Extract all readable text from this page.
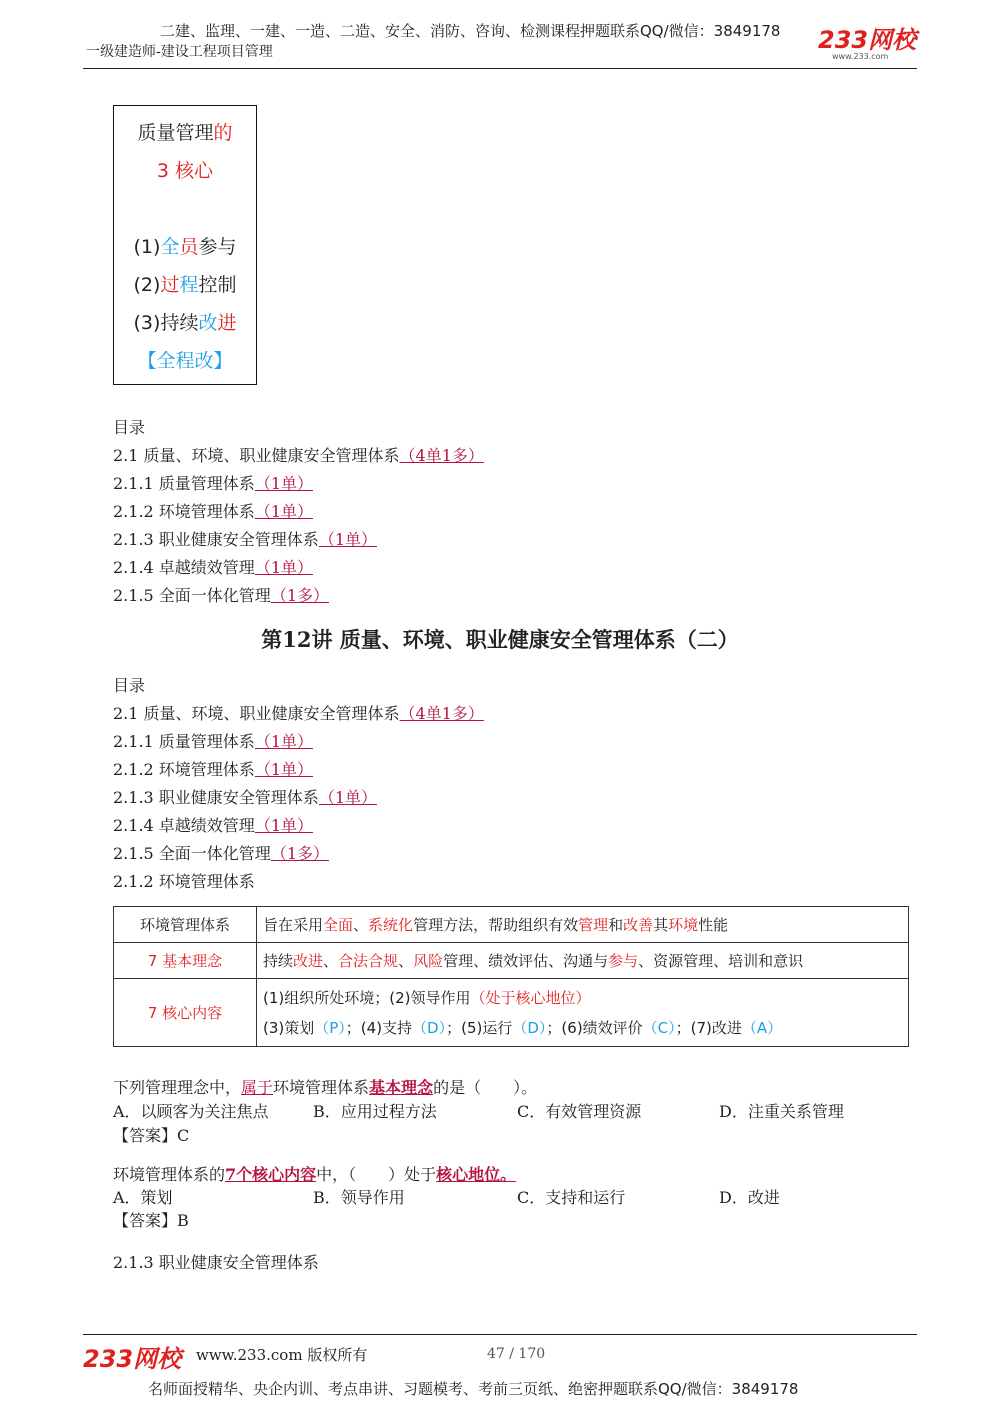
二建、监理、一建、一造、二造、安全、消防、咨询、检测课程押题联系QQ/微信：3849178
一级建造师-建设工程项目管理	233网校
www.233.com
质量管理的
3 核心
(1)全员参与
(2)过程控制
(3)持续改进
【全程改】
目录
2.1 质量、环境、职业健康安全管理体系（4单1多）
2.1.1 质量管理体系（1单）
2.1.2 环境管理体系（1单）
2.1.3 职业健康安全管理体系（1单）
2.1.4 卓越绩效管理（1单）
2.1.5 全面一体化管理（1多）
第12讲 质量、环境、职业健康安全管理体系（二）
目录
2.1 质量、环境、职业健康安全管理体系（4单1多）
2.1.1 质量管理体系（1单）
2.1.2 环境管理体系（1单）
2.1.3 职业健康安全管理体系（1单）
2.1.4 卓越绩效管理（1单）
2.1.5 全面一体化管理（1多）
2.1.2 环境管理体系
环境管理体系	旨在采用全面、系统化管理方法，帮助组织有效管理和改善其环境性能
7 基本理念	持续改进、合法合规、风险管理、绩效评估、沟通与参与、资源管理、培训和意识
7 核心内容	(1)组织所处环境；(2)领导作用（处于核心地位）
(3)策划（P）；(4)支持（D）；(5)运行（D）；(6)绩效评价（C）；(7)改进（A）
下列管理理念中，属于环境管理体系基本理念的是（　　）。
A．以顾客为关注焦点	B．应用过程方法	C．有效管理资源	D．注重关系管理
【答案】C
环境管理体系的7个核心内容中，（　　）处于核心地位。
A．策划	B．领导作用	C．支持和运行	D．改进
【答案】B
2.1.3 职业健康安全管理体系
233网校 www.233.com 版权所有	47 / 170
名师面授精华、央企内训、考点串讲、习题模考、考前三页纸、绝密押题联系QQ/微信：3849178
